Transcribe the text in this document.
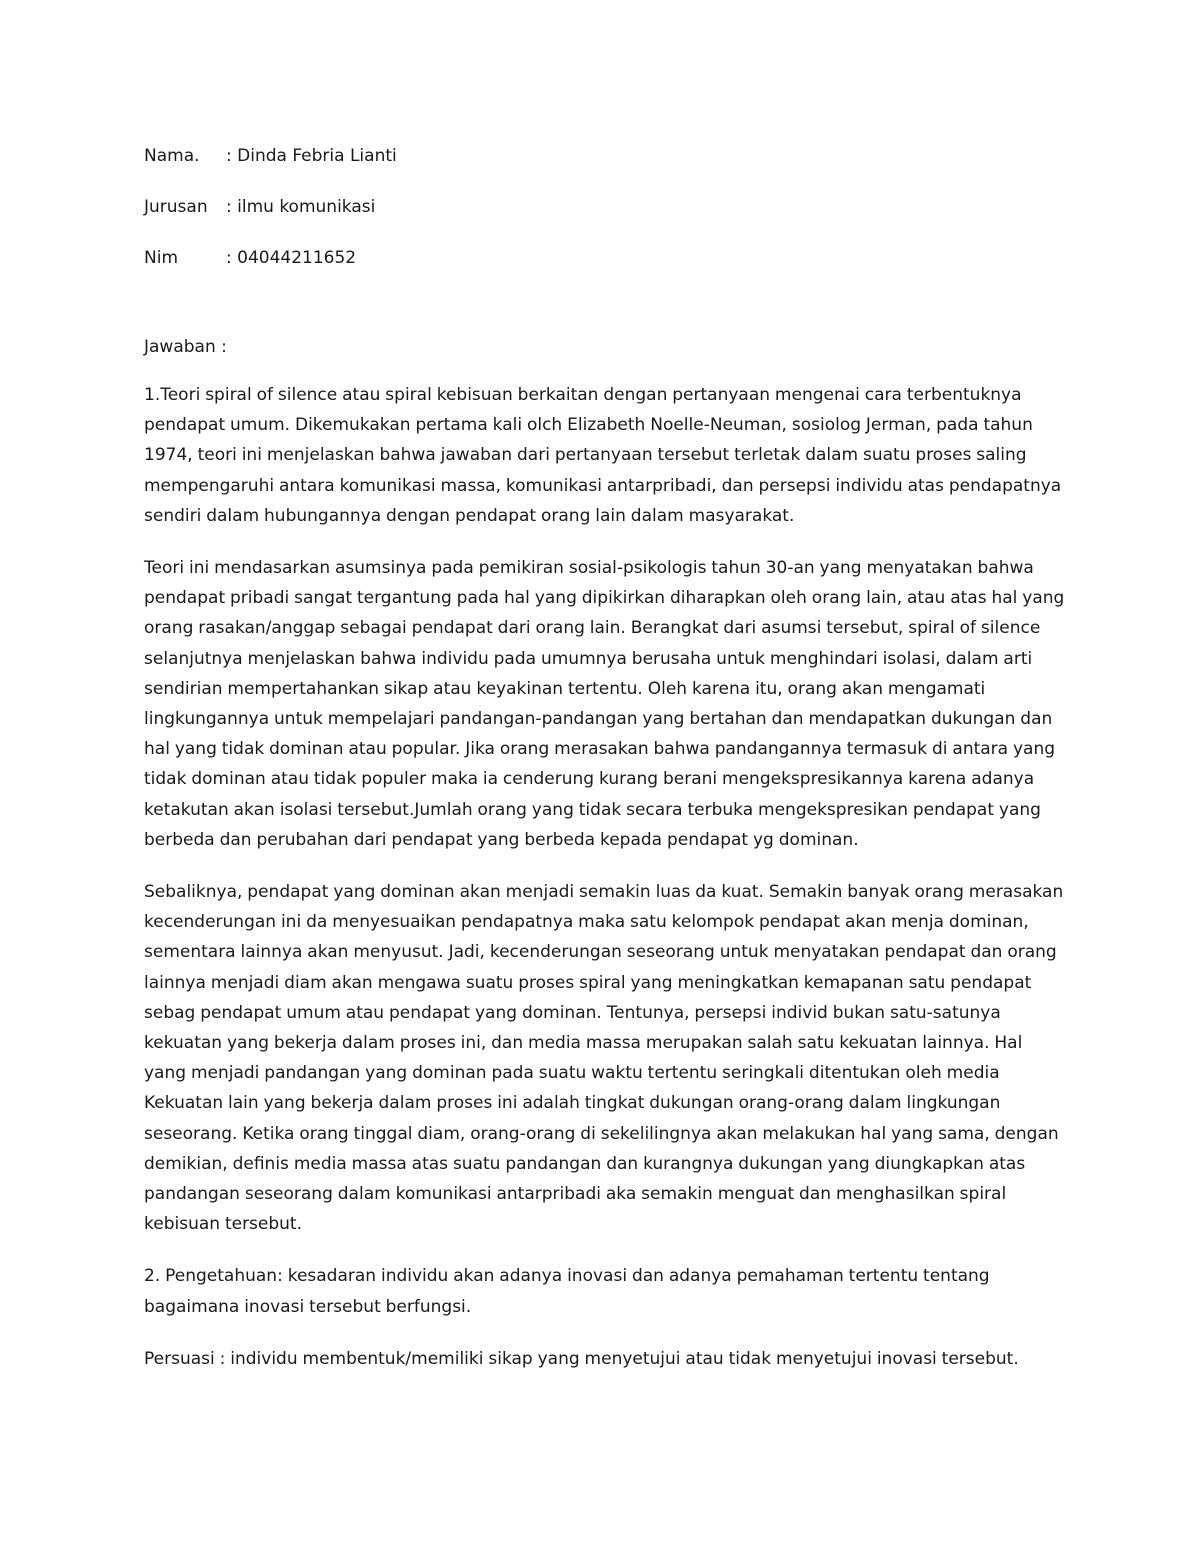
Nama.	: Dinda Febria Lianti
Jurusan	: ilmu komunikasi
Nim	: 04044211652
Jawaban :

1.Teori spiral of silence atau spiral kebisuan berkaitan dengan pertanyaan mengenai cara terbentuknya pendapat umum. Dikemukakan pertama kali olch Elizabeth Noelle-Neuman, sosiolog Jerman, pada tahun 1974, teori ini menjelaskan bahwa jawaban dari pertanyaan tersebut terletak dalam suatu proses saling mempengaruhi antara komunikasi massa, komunikasi antarpribadi, dan persepsi individu atas pendapatnya sendiri dalam hubungannya dengan pendapat orang lain dalam masyarakat.

Teori ini mendasarkan asumsinya pada pemikiran sosial-psikologis tahun 30-an yang menyatakan bahwa pendapat pribadi sangat tergantung pada hal yang dipikirkan diharapkan oleh orang lain, atau atas hal yang orang rasakan/anggap sebagai pendapat dari orang lain. Berangkat dari asumsi tersebut, spiral of silence selanjutnya menjelaskan bahwa individu pada umumnya berusaha untuk menghindari isolasi, dalam arti sendirian mempertahankan sikap atau keyakinan tertentu. Oleh karena itu, orang akan mengamati lingkungannya untuk mempelajari pandangan-pandangan yang bertahan dan mendapatkan dukungan dan hal yang tidak dominan atau popular. Jika orang merasakan bahwa pandangannya termasuk di antara yang tidak dominan atau tidak populer maka ia cenderung kurang berani mengekspresikannya karena adanya ketakutan akan isolasi tersebut.Jumlah orang yang tidak secara terbuka mengekspresikan pendapat yang berbeda dan perubahan dari pendapat yang berbeda kepada pendapat yg dominan.

Sebaliknya, pendapat yang dominan akan menjadi semakin luas da kuat. Semakin banyak orang merasakan kecenderungan ini da menyesuaikan pendapatnya maka satu kelompok pendapat akan menja dominan, sementara lainnya akan menyusut. Jadi, kecenderungan seseorang untuk menyatakan pendapat dan orang lainnya menjadi diam akan mengawa suatu proses spiral yang meningkatkan kemapanan satu pendapat sebag pendapat umum atau pendapat yang dominan. Tentunya, persepsi individ bukan satu-satunya kekuatan yang bekerja dalam proses ini, dan media massa merupakan salah satu kekuatan lainnya. Hal yang menjadi pandangan yang dominan pada suatu waktu tertentu seringkali ditentukan oleh media Kekuatan lain yang bekerja dalam proses ini adalah tingkat dukungan orang-orang dalam lingkungan seseorang. Ketika orang tinggal diam, orang-orang di sekelilingnya akan melakukan hal yang sama, dengan demikian, definis media massa atas suatu pandangan dan kurangnya dukungan yang diungkapkan atas pandangan seseorang dalam komunikasi antarpribadi aka semakin menguat dan menghasilkan spiral kebisuan tersebut.

2. Pengetahuan: kesadaran individu akan adanya inovasi dan adanya pemahaman tertentu tentang bagaimana inovasi tersebut berfungsi.

Persuasi : individu membentuk/memiliki sikap yang menyetujui atau tidak menyetujui inovasi tersebut.
